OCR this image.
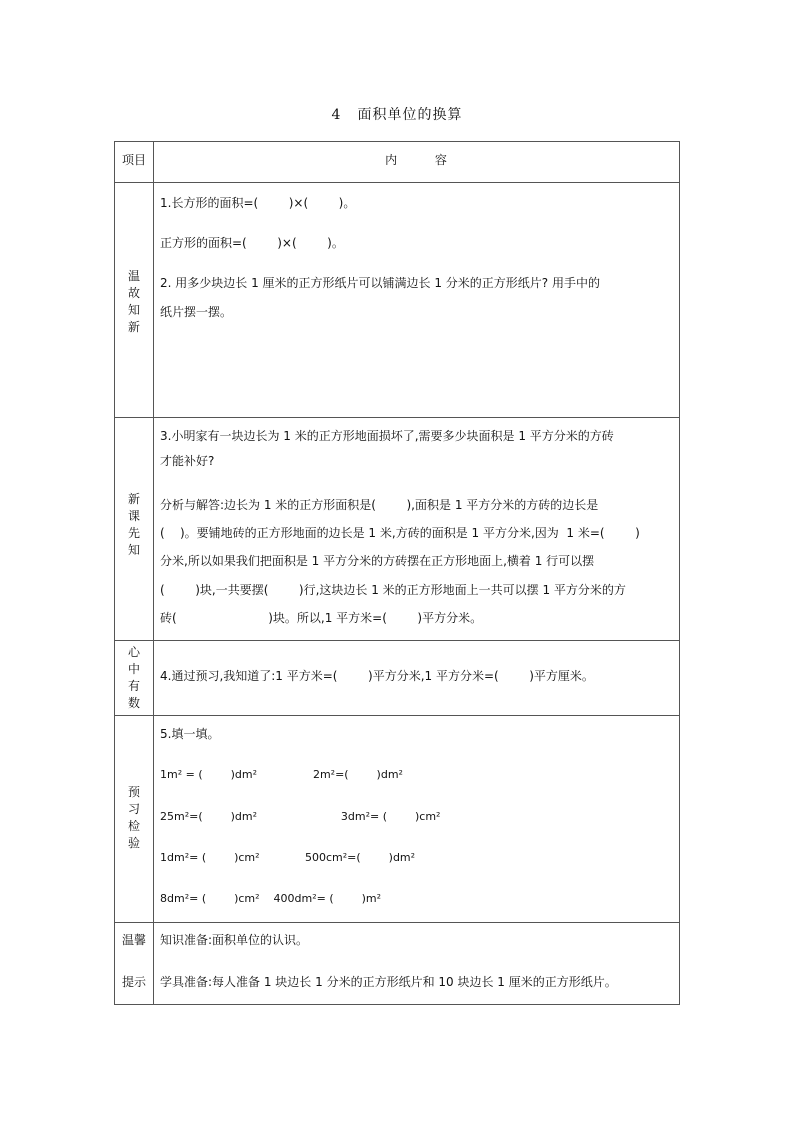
4 面积单位的换算
项目	内　 容
温
故
知
新
1.长方形的面积=(        )×(        )。
正方形的面积=(        )×(        )。
2. 用多少块边长 1 厘米的正方形纸片可以铺满边长 1 分米的正方形纸片? 用手中的
纸片摆一摆。
新
课
先
知
3.小明家有一块边长为 1 米的正方形地面损坏了,需要多少块面积是 1 平方分米的方砖
才能补好?
分析与解答:边长为 1 米的正方形面积是(        ),面积是 1 平方分米的方砖的边长是
(    )。要铺地砖的正方形地面的边长是 1 米,方砖的面积是 1 平方分米,因为  1 米=(        )
分米,所以如果我们把面积是 1 平方分米的方砖摆在正方形地面上,横着 1 行可以摆
(        )块,一共要摆(        )行,这块边长 1 米的正方形地面上一共可以摆 1 平方分米的方
砖(                        )块。所以,1 平方米=(        )平方分米。
心
中
有
数
4.通过预习,我知道了:1 平方米=(        )平方分米,1 平方分米=(        )平方厘米。
预
习
检
验
5.填一填。
1m² = (        )dm²                2m²=(        )dm²
25m²=(        )dm²                        3dm²= (        )cm²
1dm²= (        )cm²             500cm²=(        )dm²
8dm²= (        )cm²    400dm²= (        )m²
温馨
提示
知识准备:面积单位的认识。
学具准备:每人准备 1 块边长 1 分米的正方形纸片和 10 块边长 1 厘米的正方形纸片。
